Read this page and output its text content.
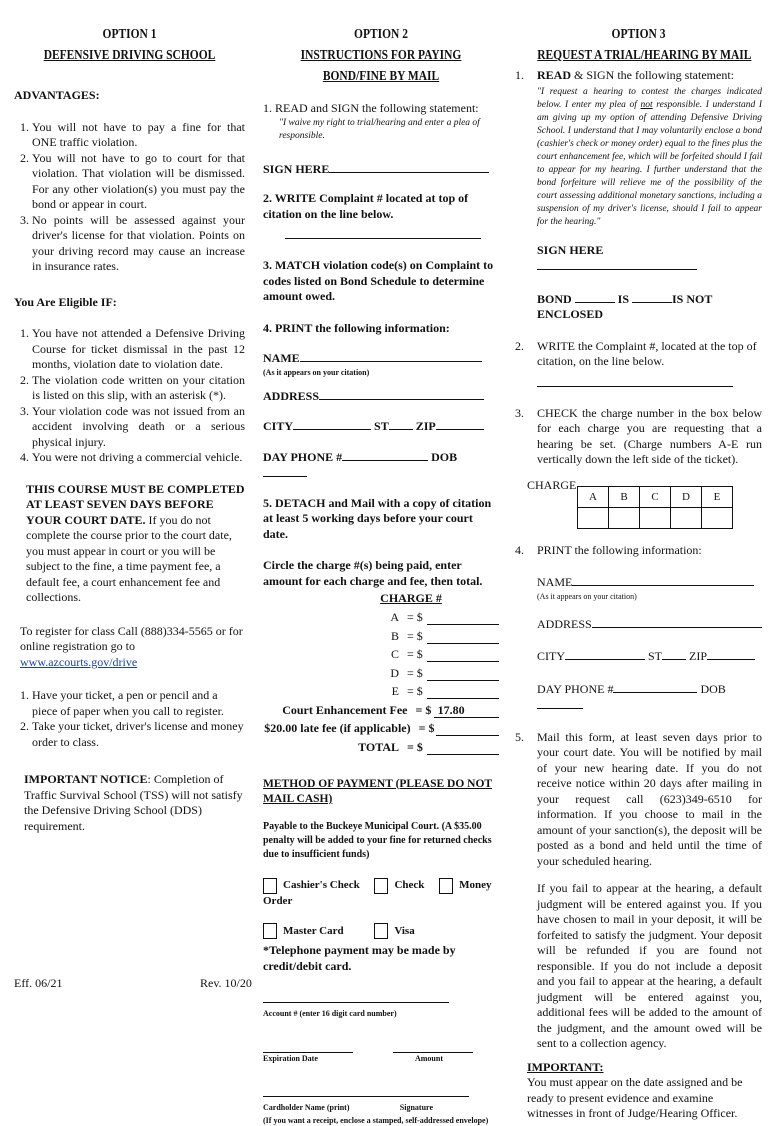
OPTION 1
DEFENSIVE DRIVING SCHOOL
ADVANTAGES:
1. You will not have to pay a fine for that ONE traffic violation.
2. You will not have to go to court for that violation. That violation will be dismissed. For any other violation(s) you must pay the bond or appear in court.
3. No points will be assessed against your driver's license for that violation. Points on your driving record may cause an increase in insurance rates.
You Are Eligible IF:
1. You have not attended a Defensive Driving Course for ticket dismissal in the past 12 months, violation date to violation date.
2. The violation code written on your citation is listed on this slip, with an asterisk (*).
3. Your violation code was not issued from an accident involving death or a serious physical injury.
4. You were not driving a commercial vehicle.

THIS COURSE MUST BE COMPLETED AT LEAST SEVEN DAYS BEFORE YOUR COURT DATE. If you do not complete the course prior to the court date, you must appear in court or you will be subject to the fine, a time payment fee, a default fee, a court enhancement fee and collections.

To register for class Call (888)334-5565 or for online registration go to www.azcourts.gov/drive

1. Have your ticket, a pen or pencil and a piece of paper when you call to register.
2. Take your ticket, driver's license and money order to class.

IMPORTANT NOTICE: Completion of Traffic Survival School (TSS) will not satisfy the Defensive Driving School (DDS) requirement.

Eff. 06/21	Rev. 10/20
OPTION 2
INSTRUCTIONS FOR PAYING
BOND/FINE BY MAIL
1. READ and SIGN the following statement:
"I waive my right to trial/hearing and enter a plea of responsible.
SIGN HERE
2. WRITE Complaint # located at top of citation on the line below.
3. MATCH violation code(s) on Complaint to codes listed on Bond Schedule to determine amount owed.
4. PRINT the following information:
NAME
(As it appears on your citation)
ADDRESS
CITY	ST ZIP
DAY PHONE #	DOB
5. DETACH and Mail with a copy of citation at least 5 working days before your court date.
Circle the charge #(s) being paid, enter amount for each charge and fee, then total.
CHARGE #
A = $
B = $
C = $
D = $
E = $
Court Enhancement Fee = $ 17.80
$20.00 late fee (if applicable) = $
TOTAL = $
METHOD OF PAYMENT (PLEASE DO NOT MAIL CASH)
Payable to the Buckeye Municipal Court. (A $35.00 penalty will be added to your fine for returned checks due to insufficient funds)
Cashier's Check	Check	Money Order
Master Card	Visa
*Telephone payment may be made by credit/debit card.
Account # (enter 16 digit card number)
Expiration Date	Amount
Cardholder Name (print)	Signature
(If you want a receipt, enclose a stamped, self-addressed envelope)
OPTION 3
REQUEST A TRIAL/HEARING BY MAIL
1. READ & SIGN the following statement:

"I request a hearing to contest the charges indicated below. I enter my plea of not responsible. I understand I am giving up my option of attending Defensive Driving School. I understand that I may voluntarily enclose a bond (cashier's check or money order) equal to the fines plus the court enhancement fee, which will be forfeited should I fail to appear for my hearing. I further understand that the bond forfeiture will relieve me of the possibility of the court assessing additional monetary sanctions, including a suspension of my driver's license, should I fail to appear for the hearing."

SIGN HERE
BOND	IS	IS NOT ENCLOSED
2. WRITE the Complaint #, located at the top of citation, on the line below.
3. CHECK the charge number in the box below for each charge you are requesting that a hearing be set. (Charge numbers A-E run vertically down the left side of the ticket).
CHARGE
A	B	C	D	E

4. PRINT the following information:
NAME
(As it appears on your citation)
ADDRESS
CITY	ST ZIP
DAY PHONE #	DOB
5. Mail this form, at least seven days prior to your court date. You will be notified by mail of your new hearing date. If you do not receive notice within 20 days after mailing in your request call (623)349-6510 for information. If you choose to mail in the amount of your sanction(s), the deposit will be posted as a bond and held until the time of your scheduled hearing.

If you fail to appear at the hearing, a default judgment will be entered against you. If you have chosen to mail in your deposit, it will be forfeited to satisfy the judgment. Your deposit will be refunded if you are found not responsible. If you do not include a deposit and you fail to appear at the hearing, a default judgment will be entered against you, additional fees will be added to the amount of the judgment, and the amount owed will be sent to a collection agency.

IMPORTANT:

You must appear on the date assigned and be ready to present evidence and examine witnesses in front of Judge/Hearing Officer.
